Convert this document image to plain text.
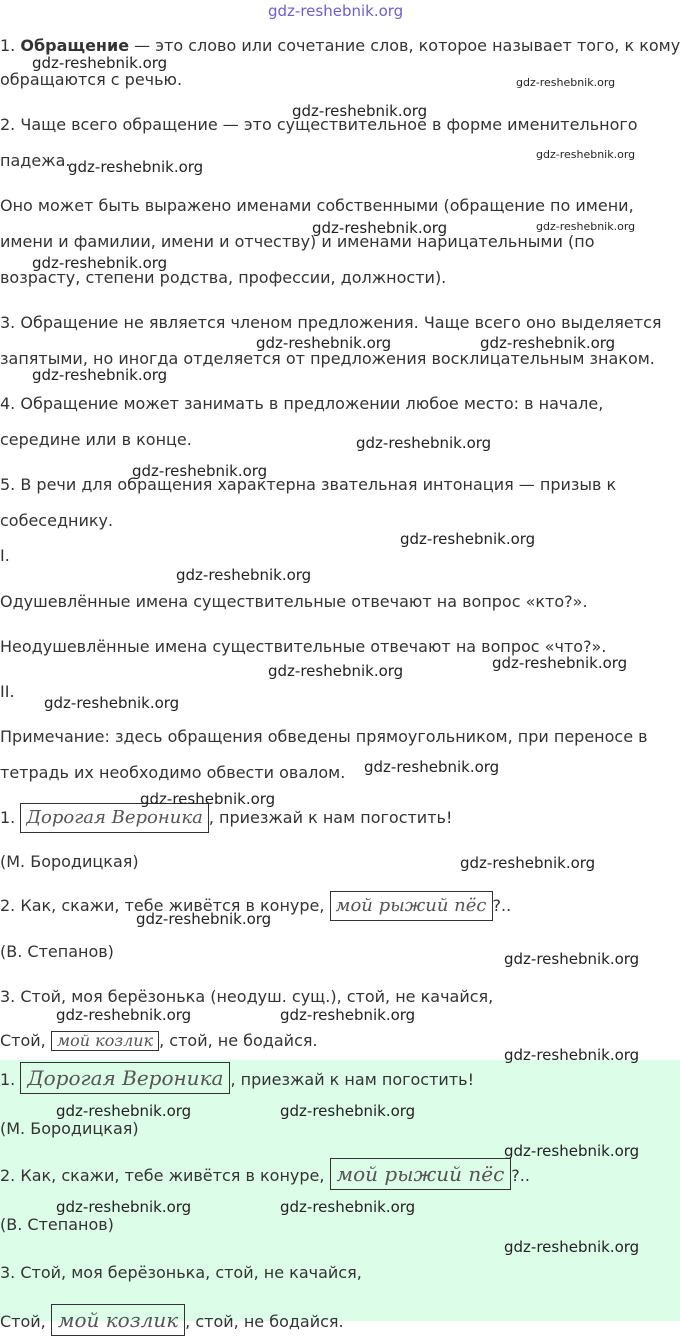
gdz-reshebnik.org
1. Обращение — это слово или сочетание слов, которое называет того, к кому
обращаются с речью.
2. Чаще всего обращение — это существительное в форме именительного
падежа.
Оно может быть выражено именами собственными (обращение по имени,
имени и фамилии, имени и отчеству) и именами нарицательными (по
возрасту, степени родства, профессии, должности).
3. Обращение не является членом предложения. Чаще всего оно выделяется
запятыми, но иногда отделяется от предложения восклицательным знаком.
4. Обращение может занимать в предложении любое место: в начале,
середине или в конце.
5. В речи для обращения характерна звательная интонация — призыв к
собеседнику.
I.
Одушевлённые имена существительные отвечают на вопрос «кто?».
Неодушевлённые имена существительные отвечают на вопрос «что?».
II.
Примечание: здесь обращения обведены прямоугольником, при переносе в
тетрадь их необходимо обвести овалом.
1. Дорогая Вероника , приезжай к нам погостить!
(М. Бородицкая)
2. Как, скажи, тебе живётся в конуре, мой рыжий пёс ?..
(В. Степанов)
3. Стой, моя берёзонька (неодуш. сущ.), стой, не качайся,
Стой, мой козлик , стой, не бодайся.
1. Дорогая Вероника , приезжай к нам погостить!
(М. Бородицкая)
2. Как, скажи, тебе живётся в конуре, мой рыжий пёс ?..
(В. Степанов)
3. Стой, моя берёзонька, стой, не качайся,
Стой, мой козлик , стой, не бодайся.
gdz-reshebnik.org
gdz-reshebnik.org
gdz-reshebnik.org
gdz-reshebnik.org
gdz-reshebnik.org
gdz-reshebnik.org	gdz-reshebnik.org
gdz-reshebnik.org
gdz-reshebnik.org	gdz-reshebnik.org
gdz-reshebnik.org
gdz-reshebnik.org
gdz-reshebnik.org
gdz-reshebnik.org
gdz-reshebnik.org
gdz-reshebnik.org
gdz-reshebnik.org
gdz-reshebnik.org
gdz-reshebnik.org
gdz-reshebnik.org
gdz-reshebnik.org
gdz-reshebnik.org
gdz-reshebnik.org
gdz-reshebnik.org	gdz-reshebnik.org
gdz-reshebnik.org
gdz-reshebnik.org	gdz-reshebnik.org
gdz-reshebnik.org
gdz-reshebnik.org	gdz-reshebnik.org
gdz-reshebnik.org
